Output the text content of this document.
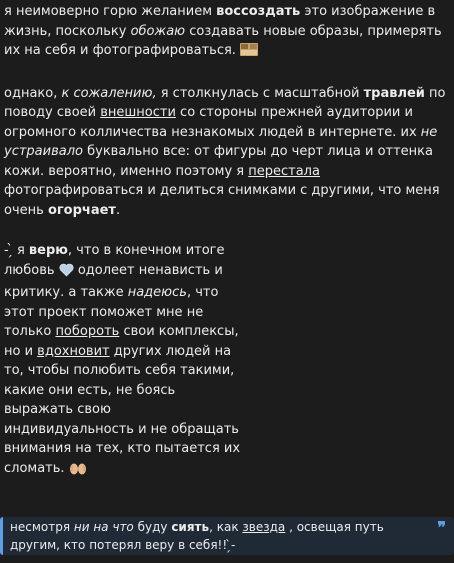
я неимоверно горю желанием воссоздать это изображение в жизнь, поскольку обожаю создавать новые образы, примерять их на себя и фотографироваться.

однако, к сожалению, я столкнулась с масштабной травлей по поводу своей внешности со стороны прежней аудитории и огромного колличества незнакомых людей в интернете. их не устраивало буквально все: от фигуры до черт лица и оттенка кожи. вероятно, именно поэтому я перестала фотографироваться и делиться снимками с другими, что меня очень огорчает.

- ̗̀ я верю, что в конечном итоге любовь  одолеет ненависть и критику. а также надеюсь, что этот проект поможет мне не только побороть свои комплексы, но и вдохновит других людей на то, чтобы полюбить себя такими, какие они есть, не боясь выражать свою индивидуальность и не обращать внимания на тех, кто пытается их сломать.

несмотря ни на что буду сиять, как звезда , освещая путь другим, кто потерял веру в себя!! ̗̀-
❞
